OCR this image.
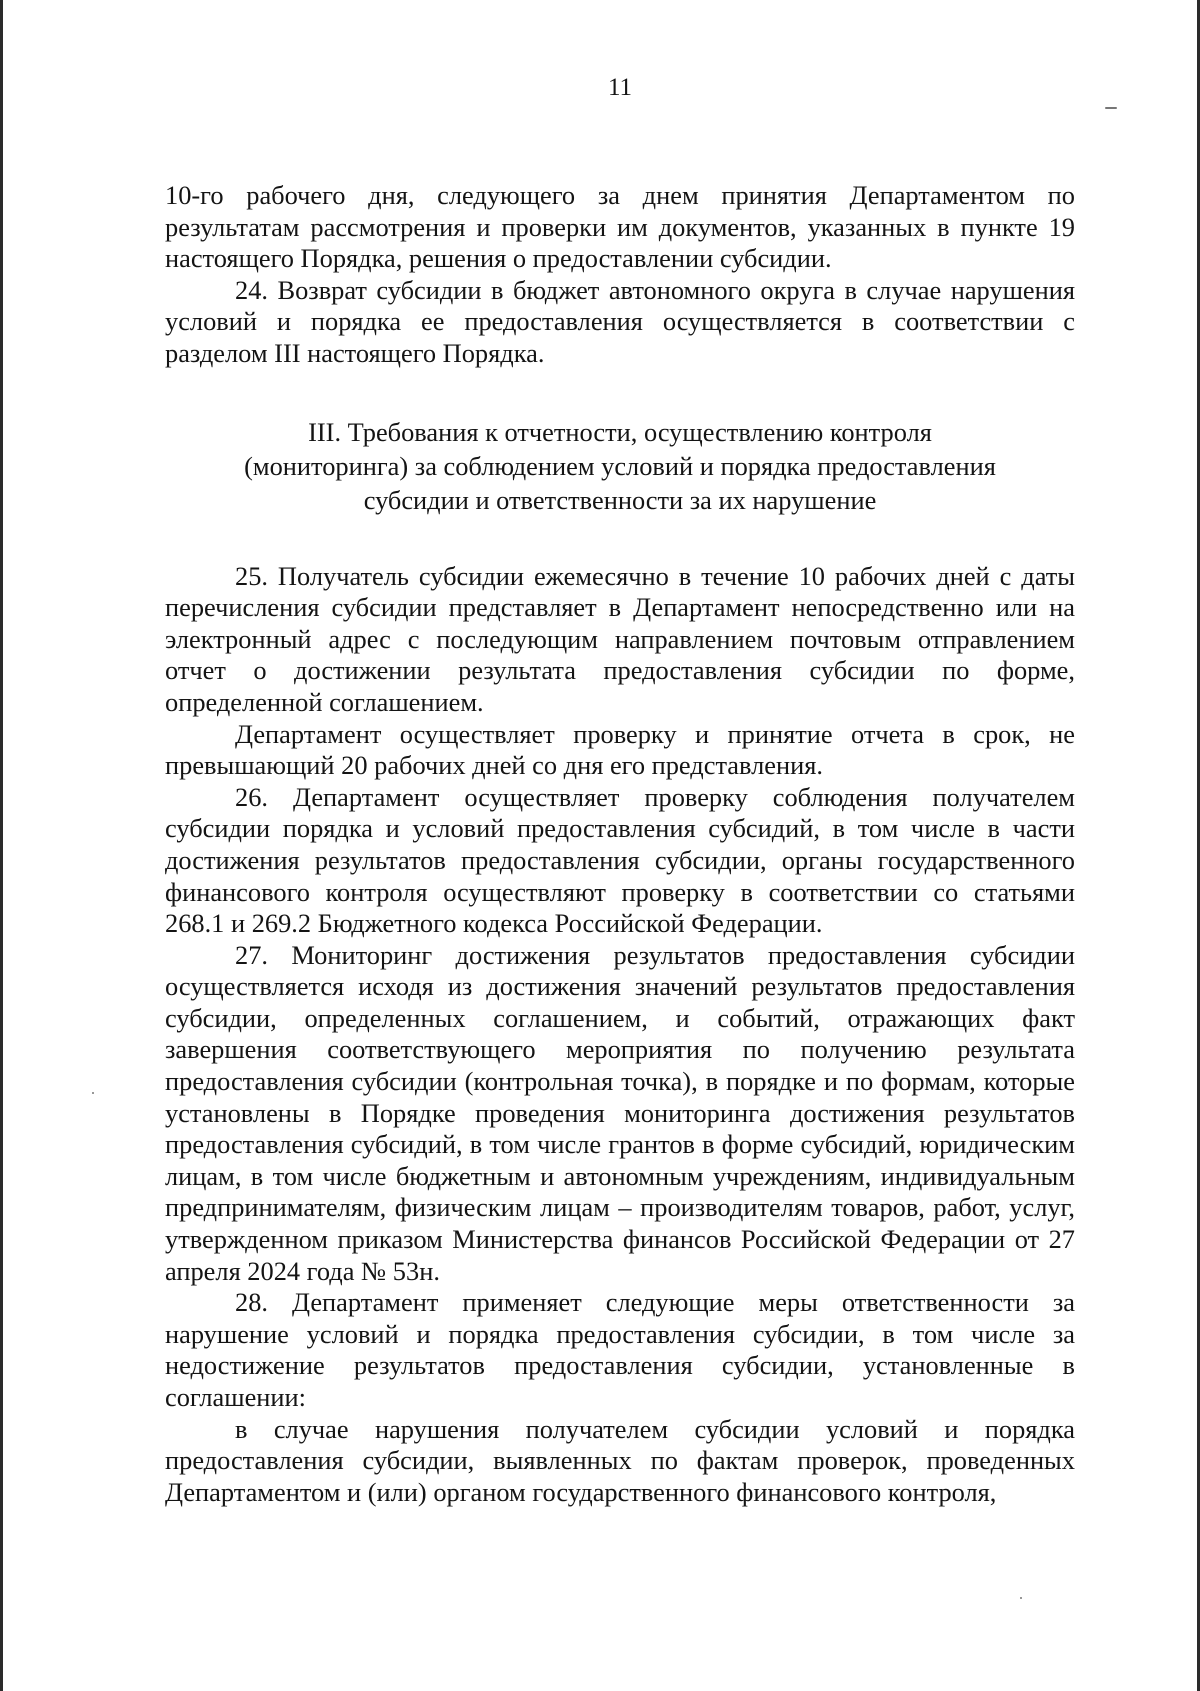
11

10-го рабочего дня, следующего за днем принятия Департаментом по результатам рассмотрения и проверки им документов, указанных в пункте 19 настоящего Порядка, решения о предоставлении субсидии.

24. Возврат субсидии в бюджет автономного округа в случае нарушения условий и порядка ее предоставления осуществляется в соответствии с разделом III настоящего Порядка.

III. Требования к отчетности, осуществлению контроля
(мониторинга) за соблюдением условий и порядка предоставления
субсидии и ответственности за их нарушение

25. Получатель субсидии ежемесячно в течение 10 рабочих дней с даты перечисления субсидии представляет в Департамент непосредственно или на электронный адрес с последующим направлением почтовым отправлением отчет о достижении результата предоставления субсидии по форме, определенной соглашением.

Департамент осуществляет проверку и принятие отчета в срок, не превышающий 20 рабочих дней со дня его представления.

26. Департамент осуществляет проверку соблюдения получателем субсидии порядка и условий предоставления субсидий, в том числе в части достижения результатов предоставления субсидии, органы государственного финансового контроля осуществляют проверку в соответствии со статьями 268.1 и 269.2 Бюджетного кодекса Российской Федерации.

27. Мониторинг достижения результатов предоставления субсидии осуществляется исходя из достижения значений результатов предоставления субсидии, определенных соглашением, и событий, отражающих факт завершения соответствующего мероприятия по получению результата предоставления субсидии (контрольная точка), в порядке и по формам, которые установлены в Порядке проведения мониторинга достижения результатов предоставления субсидий, в том числе грантов в форме субсидий, юридическим лицам, в том числе бюджетным и автономным учреждениям, индивидуальным предпринимателям, физическим лицам – производителям товаров, работ, услуг, утвержденном приказом Министерства финансов Российской Федерации от 27 апреля 2024 года № 53н.

28. Департамент применяет следующие меры ответственности за нарушение условий и порядка предоставления субсидии, в том числе за недостижение результатов предоставления субсидии, установленные в соглашении:

в случае нарушения получателем субсидии условий и порядка предоставления субсидии, выявленных по фактам проверок, проведенных Департаментом и (или) органом государственного финансового контроля,
